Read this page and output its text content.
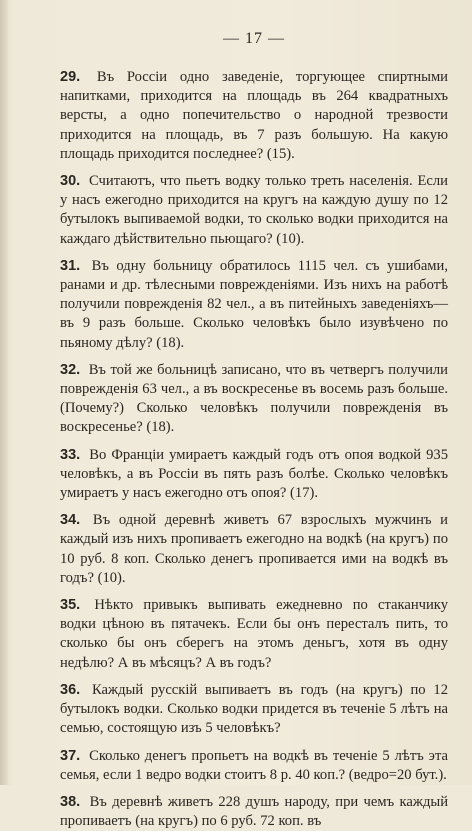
— 17 —
29. Въ Россіи одно заведеніе, торгующее спиртными напитками, приходится на площадь въ 264 квадратныхъ версты, а одно попечительство о народной трезвости приходится на площадь, въ 7 разъ большую. На какую площадь приходится последнее? (15).
30. Считаютъ, что пьетъ водку только треть населенія. Если у насъ ежегодно приходится на кругъ на каждую душу по 12 бутылокъ выпиваемой водки, то сколько водки приходится на каждаго дѣйствительно пьющаго? (10).
31. Въ одну больницу обратилось 1115 чел. съ ушибами, ранами и др. тѣлесными поврежденіями. Изъ нихъ на работѣ получили поврежденія 82 чел., а въ питейныхъ заведеніяхъ—въ 9 разъ больше. Сколько человѣкъ было изувѣчено по пьяному дѣлу? (18).
32. Въ той же больницѣ записано, что въ четвергъ получили поврежденія 63 чел., а въ воскресенье въ восемь разъ больше. (Почему?) Сколько человѣкъ получили поврежденія въ воскресенье? (18).
33. Во Франціи умираетъ каждый годъ отъ опоя водкой 935 человѣкъ, а въ Россіи въ пять разъ болѣе. Сколько человѣкъ умираетъ у насъ ежегодно отъ опоя? (17).
34. Въ одной деревнѣ живетъ 67 взрослыхъ мужчинъ и каждый изъ нихъ пропиваетъ ежегодно на водкѣ (на кругъ) по 10 руб. 8 коп. Сколько денегъ пропивается ими на водкѣ въ годъ? (10).
35. Нѣкто привыкъ выпивать ежедневно по стаканчику водки цѣною въ пятачекъ. Если бы онъ пересталъ пить, то сколько бы онъ сберегъ на этомъ деньгъ, хотя въ одну недѣлю? А въ мѣсяцъ? А въ годъ?
36. Каждый русскій выпиваетъ въ годъ (на кругъ) по 12 бутылокъ водки. Сколько водки придется въ теченіе 5 лѣтъ на семью, состоящую изъ 5 человѣкъ?
37. Сколько денегъ пропьетъ на водкѣ въ теченіе 5 лѣтъ эта семья, если 1 ведро водки стоитъ 8 р. 40 коп.? (ведро=20 бут.).
38. Въ деревнѣ живетъ 228 душъ народу, при чемъ каждый пропиваетъ (на кругъ) по 6 руб. 72 коп. въ
